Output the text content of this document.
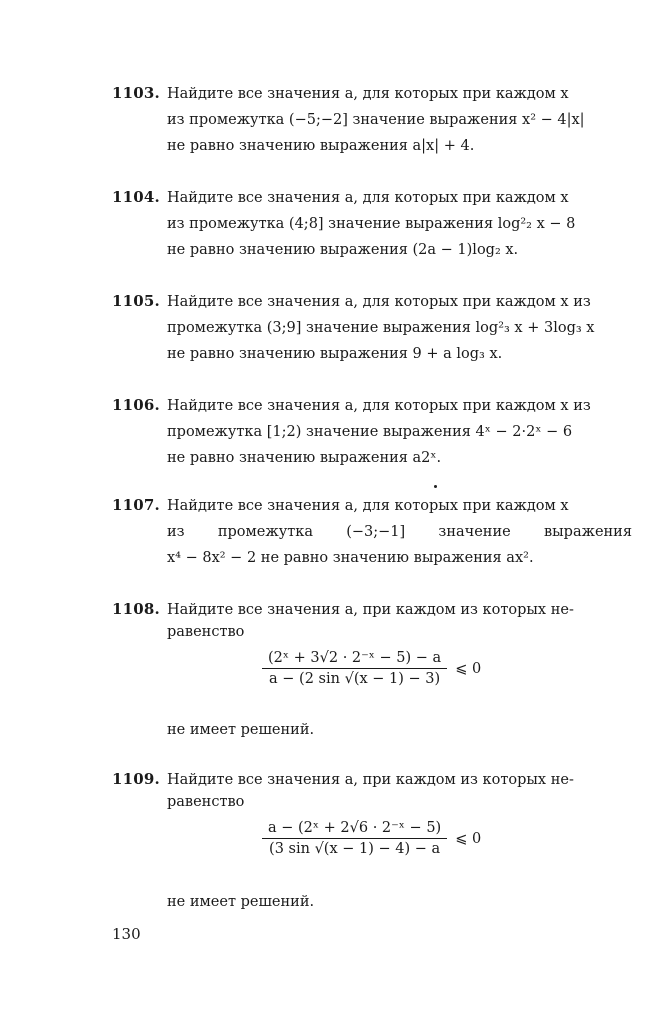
1103. Найдите все значения a, для которых при каждом x
из промежутка (−5;−2] значение выражения x² − 4|x|
не равно значению выражения a|x| + 4.
1104. Найдите все значения a, для которых при каждом x
из промежутка (4;8] значение выражения log²₂ x − 8
не равно значению выражения (2a − 1)log₂ x.
1105. Найдите все значения a, для которых при каждом x из
промежутка (3;9] значение выражения log²₃ x + 3log₃ x
не равно значению выражения 9 + a log₃ x.
1106. Найдите все значения a, для которых при каждом x из
промежутка [1;2) значение выражения 4ˣ − 2·2ˣ − 6
не равно значению выражения a2ˣ.
1107. Найдите все значения a, для которых при каждом x
из промежутка (−3;−1] значение выражения
x⁴ − 8x² − 2 не равно значению выражения ax².
1108. Найдите все значения a, при каждом из которых не-
равенство
$\frac{\text{(2ˣ + 3√2 · 2⁻ˣ − 5) − a}}{a - (2 \sin √(x - 1) - 3)}$ ⩽ 0
не имеет решений.
1109. Найдите все значения a, при каждом из которых не-
равенство
$\frac{\text{a − (2ˣ + 2√6 · 2⁻ˣ − 5)}}{(3 \sin √(x - 1) - 4) - a}$ ⩽ 0
не имеет решений.
130
